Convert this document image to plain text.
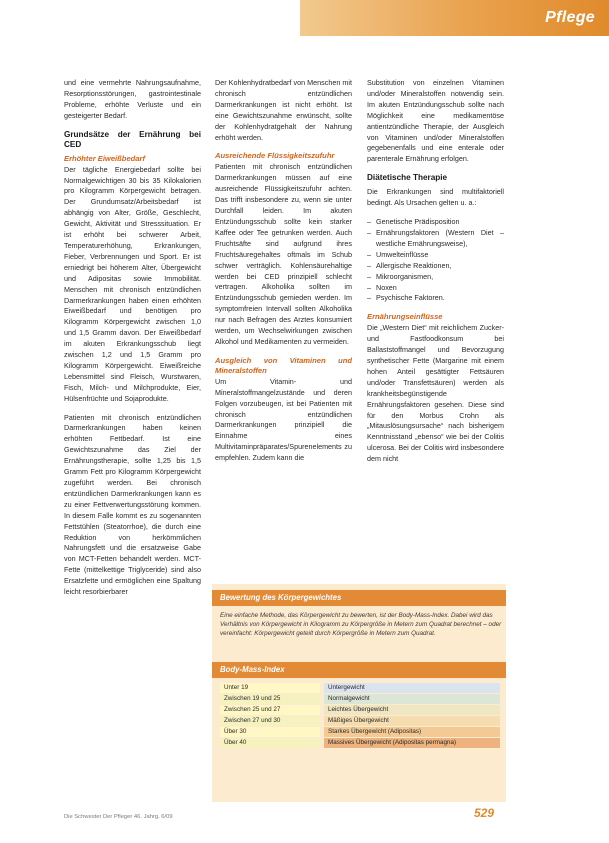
Pflege

und eine vermehrte Nahrungsaufnahme, Resorptionsstörungen, gastrointestinale Probleme, erhöhte Verluste und ein gesteigerter Bedarf.

Grundsätze der Ernährung bei CED
Erhöhter Eiweißbedarf

Der tägliche Energiebedarf sollte bei Normalgewichtigen 30 bis 35 Kilokalorien pro Kilogramm Körpergewicht betragen. Der Grundumsatz/Arbeitsbedarf ist abhängig von Alter, Größe, Geschlecht, Gewicht, Aktivität und Stresssituation. Er ist erhöht bei schwerer Arbeit, Temperaturerhöhung, Erkrankungen, Fieber, Verbrennungen und Sport. Er ist erniedrigt bei höherem Alter, Übergewicht und Adipositas sowie Immobilität. Menschen mit chronisch entzündlichen Darmerkrankungen haben einen erhöhten Eiweißbedarf und benötigen pro Kilogramm Körpergewicht zwischen 1,0 und 1,5 Gramm davon. Der Eiweißbedarf im akuten Erkrankungsschub liegt zwischen 1,2 und 1,5 Gramm pro Kilogramm Körpergewicht. Eiweißreiche Lebensmittel sind Fleisch, Wurstwaren, Fisch, Milch- und Milchprodukte, Eier, Hülsenfrüchte und Sojaprodukte.

Patienten mit chronisch entzündlichen Darmerkrankungen haben keinen erhöhten Fettbedarf. Ist eine Gewichtszunahme das Ziel der Ernährungstherapie, sollte 1,25 bis 1,5 Gramm Fett pro Kilogramm Körpergewicht zugeführt werden. Bei chronisch entzündlichen Darmerkrankungen kann es zu einer Fettverwertungsstörung kommen. In diesem Falle kommt es zu sogenannten Fettstühlen (Steatorrhoe), die durch eine Reduktion von herkömmlichen Nahrungsfett und die ersatzweise Gabe von MCT-Fetten behandelt werden. MCT-Fette (mittelkettige Triglyceride) sind also Ersatzfette und ermöglichen eine Spaltung leicht resorbierbarer

Der Kohlenhydratbedarf von Menschen mit chronisch entzündlichen Darmerkrankungen ist nicht erhöht. Ist eine Gewichtszunahme erwünscht, sollte der Kohlenhydratgehalt der Nahrung erhöht werden.

Ausreichende Flüssigkeitszufuhr

Patienten mit chronisch entzündlichen Darmerkrankungen müssen auf eine ausreichende Flüssigkeitszufuhr achten. Das trifft insbesondere zu, wenn sie unter Durchfall leiden. Im akuten Entzündungsschub sollte kein starker Kaffee oder Tee getrunken werden. Auch Fruchtsäfte sind aufgrund ihres Fruchtsäuregehaltes oftmals im Schub schwer verträglich. Kohlensäurehaltige werden bei CED prinzipiell schlecht vertragen. Alkoholika sollten im Entzündungsschub gemieden werden. Im symptomfreien Intervall sollten Alkoholika nur nach Befragen des Arztes konsumiert werden, um Wechselwirkungen zwischen Alkohol und Medikamenten zu vermeiden.

Ausgleich von Vitaminen und Mineralstoffen

Um Vitamin- und Mineralstoffmangelzustände und deren Folgen vorzubeugen, ist bei Patienten mit chronisch entzündlichen Darmerkrankungen prinzipiell die Einnahme eines Multivitaminpräparates/Spurenelements zu empfehlen. Zudem kann die

Substitution von einzelnen Vitaminen und/oder Mineralstoffen notwendig sein. Im akuten Entzündungsschub sollte nach Möglichkeit eine medikamentöse antientzündliche Therapie, der Ausgleich von Vitaminen und/oder Mineralstoffen gegebenenfalls und eine enterale oder parenterale Ernährung erfolgen.

Diätetische Therapie

Die Erkrankungen sind multifaktoriell bedingt. Als Ursachen gelten u. a.:

– Genetische Prädisposition
– Ernährungsfaktoren (Western Diet – westliche Ernährungsweise),
– Umwelteinflüsse
– Allergische Reaktionen,
– Mikroorganismen,
– Noxen
– Psychische Faktoren.
Ernährungseinflüsse

Die „Western Diet“ mit reichlichem Zucker- und Fastfoodkonsum bei Ballaststoffmangel und Bevorzugung synthetischer Fette (Margarine mit einem hohen Anteil gesättigter Fettsäuren und/oder Transfettsäuren) werden als krankheitsbegünstigende Ernährungsfaktoren gesehen. Diese sind für den Morbus Crohn als „Mitauslösungsursache“ nach bisherigem Kenntnisstand „ebenso“ wie bei der Colitis ulcerosa. Bei der Colitis wird insbesondere dem nicht

Bewertung des Körpergewichtes
Eine einfache Methode, das Körpergewicht zu bewerten, ist der Body-Mass-Index. Dabei wird das Verhältnis von Körpergewicht in Kilogramm zu Körpergröße in Metern zum Quadrat berechnet – oder vereinfacht: Körpergewicht geteilt durch Körpergröße in Metern zum Quadrat.
Body-Mass-Index
Unter 19	Untergewicht
Zwischen 19 und 25	Normalgewicht
Zwischen 25 und 27	Leichtes Übergewicht
Zwischen 27 und 30	Mäßiges Übergewicht
Über 30	Starkes Übergewicht (Adipositas)
Über 40	Massives Übergewicht (Adipositas permagna)
Die Schwester Der Pfleger 46. Jahrg. 6/09	529
